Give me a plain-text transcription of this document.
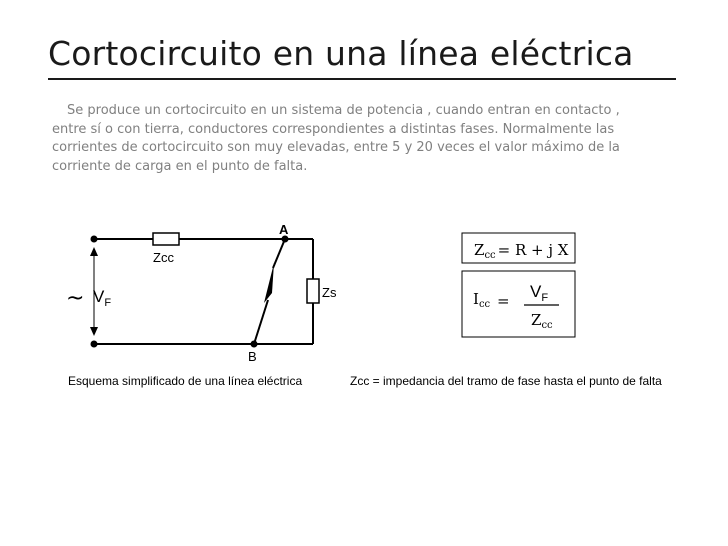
Cortocircuito en una línea eléctrica
Se produce un cortocircuito en un sistema de potencia , cuando entran en contacto ,
entre sí o con tierra, conductores correspondientes a distintas fases. Normalmente las
corrientes de cortocircuito son muy elevadas, entre 5 y 20 veces el valor máximo de la
corriente de carga en el punto de falta.
Zcc
Zs
A
B
~ $V_F$
Esquema simplificado de una línea eléctrica
$Z_{cc} = R + j$ X
$I_{cc} = V_F$
$Z_{cc}$
Zcc = impedancia del tramo de fase hasta el punto de falta
